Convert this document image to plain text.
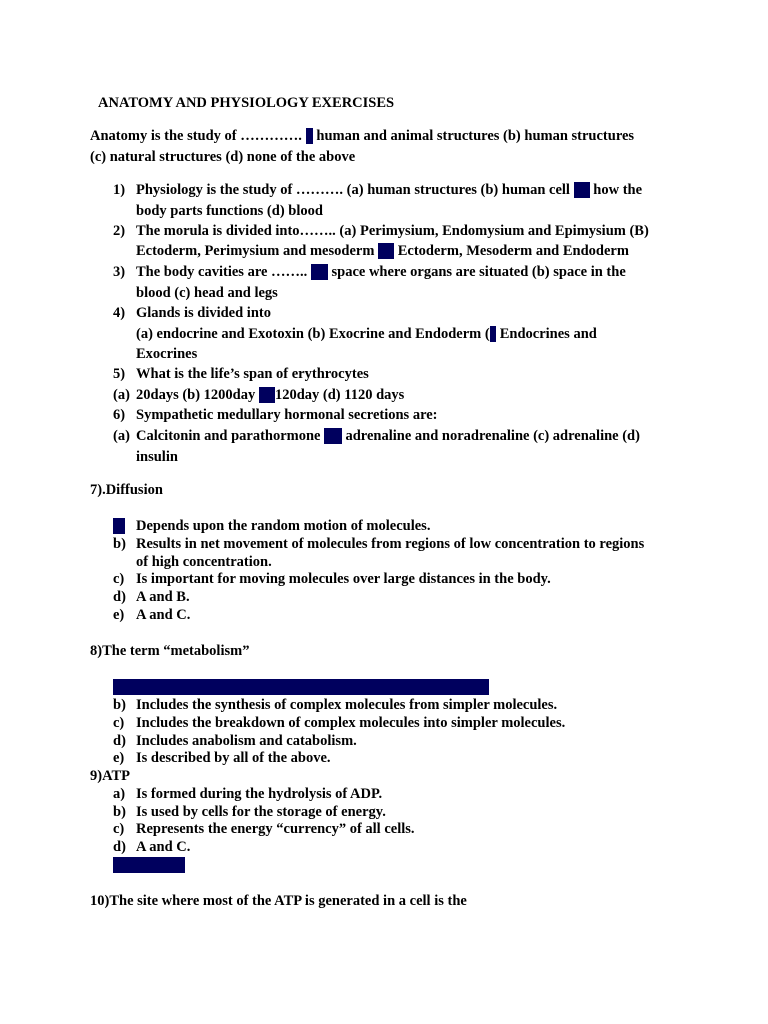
ANATOMY AND PHYSIOLOGY EXERCISES
Anatomy is the study of …………. a human and animal structures (b) human structures
(c) natural structures (d) none of the above
1) Physiology is the study of ………. (a) human structures (b) human cell (c) how the
body parts functions (d) blood
2) The morula is divided into…….. (a) Perimysium, Endomysium and Epimysium (B)
Ectoderm, Perimysium and mesoderm (c) Ectoderm, Mesoderm and Endoderm
3) The body cavities are …….. (a) space where organs are situated (b) space in the
blood (c) head and legs
4) Glands is divided into
(a) endocrine and Exotoxin (b) Exocrine and Endoderm (c Endocrines and
Exocrines
5) What is the life’s span of erythrocytes
(a) 20days (b) 1200day (c)120day (d) 1120 days
6) Sympathetic medullary hormonal secretions are:
(a) Calcitonin and parathormone (b) adrenaline and noradrenaline (c) adrenaline (d)
insulin
7).Diffusion
a) Depends upon the random motion of molecules.
b) Results in net movement of molecules from regions of low concentration to regions
of high concentration.
c) Is important for moving molecules over large distances in the body.
d) A and B.
e) A and C.
8)The term “metabolism”
a) Refers to all the chemical reactions that occur in the body.
b) Includes the synthesis of complex molecules from simpler molecules.
c) Includes the breakdown of complex molecules into simpler molecules.
d) Includes anabolism and catabolism.
e) Is described by all of the above.
9)ATP
a) Is formed during the hydrolysis of ADP.
b) Is used by cells for the storage of energy.
c) Represents the energy “currency” of all cells.
d) A and C.
e) B and C.
10)The site where most of the ATP is generated in a cell is the
